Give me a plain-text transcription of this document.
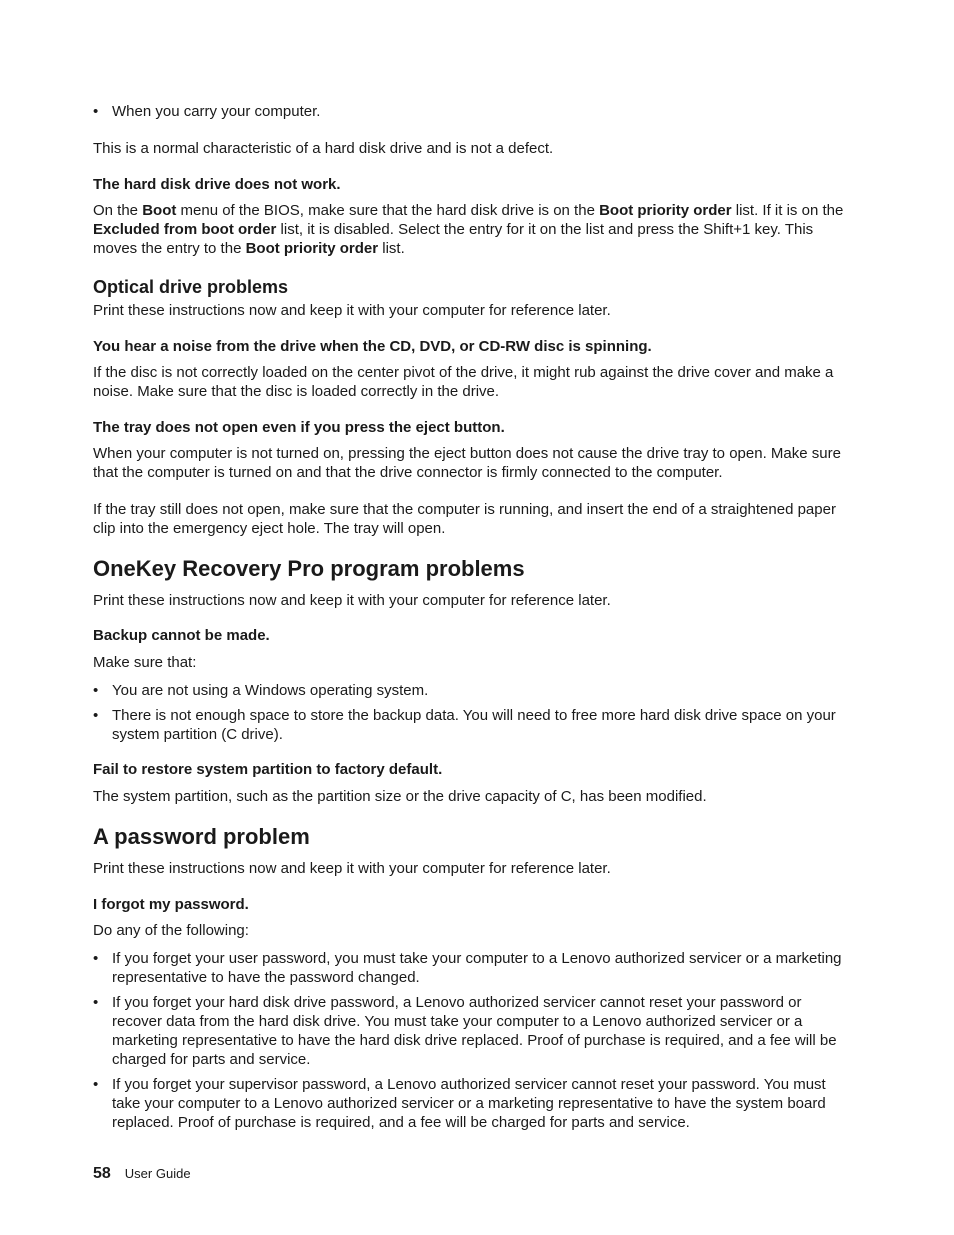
• When you carry your computer.

This is a normal characteristic of a hard disk drive and is not a defect.

The hard disk drive does not work.

On the Boot menu of the BIOS, make sure that the hard disk drive is on the Boot priority order list. If it is on the Excluded from boot order list, it is disabled. Select the entry for it on the list and press the Shift+1 key. This moves the entry to the Boot priority order list.

Optical drive problems

Print these instructions now and keep it with your computer for reference later.

You hear a noise from the drive when the CD, DVD, or CD-RW disc is spinning.

If the disc is not correctly loaded on the center pivot of the drive, it might rub against the drive cover and make a noise. Make sure that the disc is loaded correctly in the drive.

The tray does not open even if you press the eject button.

When your computer is not turned on, pressing the eject button does not cause the drive tray to open. Make sure that the computer is turned on and that the drive connector is firmly connected to the computer.

If the tray still does not open, make sure that the computer is running, and insert the end of a straightened paper clip into the emergency eject hole. The tray will open.

OneKey Recovery Pro program problems

Print these instructions now and keep it with your computer for reference later.

Backup cannot be made.

Make sure that:

• You are not using a Windows operating system.
• There is not enough space to store the backup data. You will need to free more hard disk drive space on your system partition (C drive).

Fail to restore system partition to factory default.

The system partition, such as the partition size or the drive capacity of C, has been modified.

A password problem

Print these instructions now and keep it with your computer for reference later.

I forgot my password.

Do any of the following:

• If you forget your user password, you must take your computer to a Lenovo authorized servicer or a marketing representative to have the password changed.
• If you forget your hard disk drive password, a Lenovo authorized servicer cannot reset your password or recover data from the hard disk drive. You must take your computer to a Lenovo authorized servicer or a marketing representative to have the hard disk drive replaced. Proof of purchase is required, and a fee will be charged for parts and service.
• If you forget your supervisor password, a Lenovo authorized servicer cannot reset your password. You must take your computer to a Lenovo authorized servicer or a marketing representative to have the system board replaced. Proof of purchase is required, and a fee will be charged for parts and service.
58 User Guide
